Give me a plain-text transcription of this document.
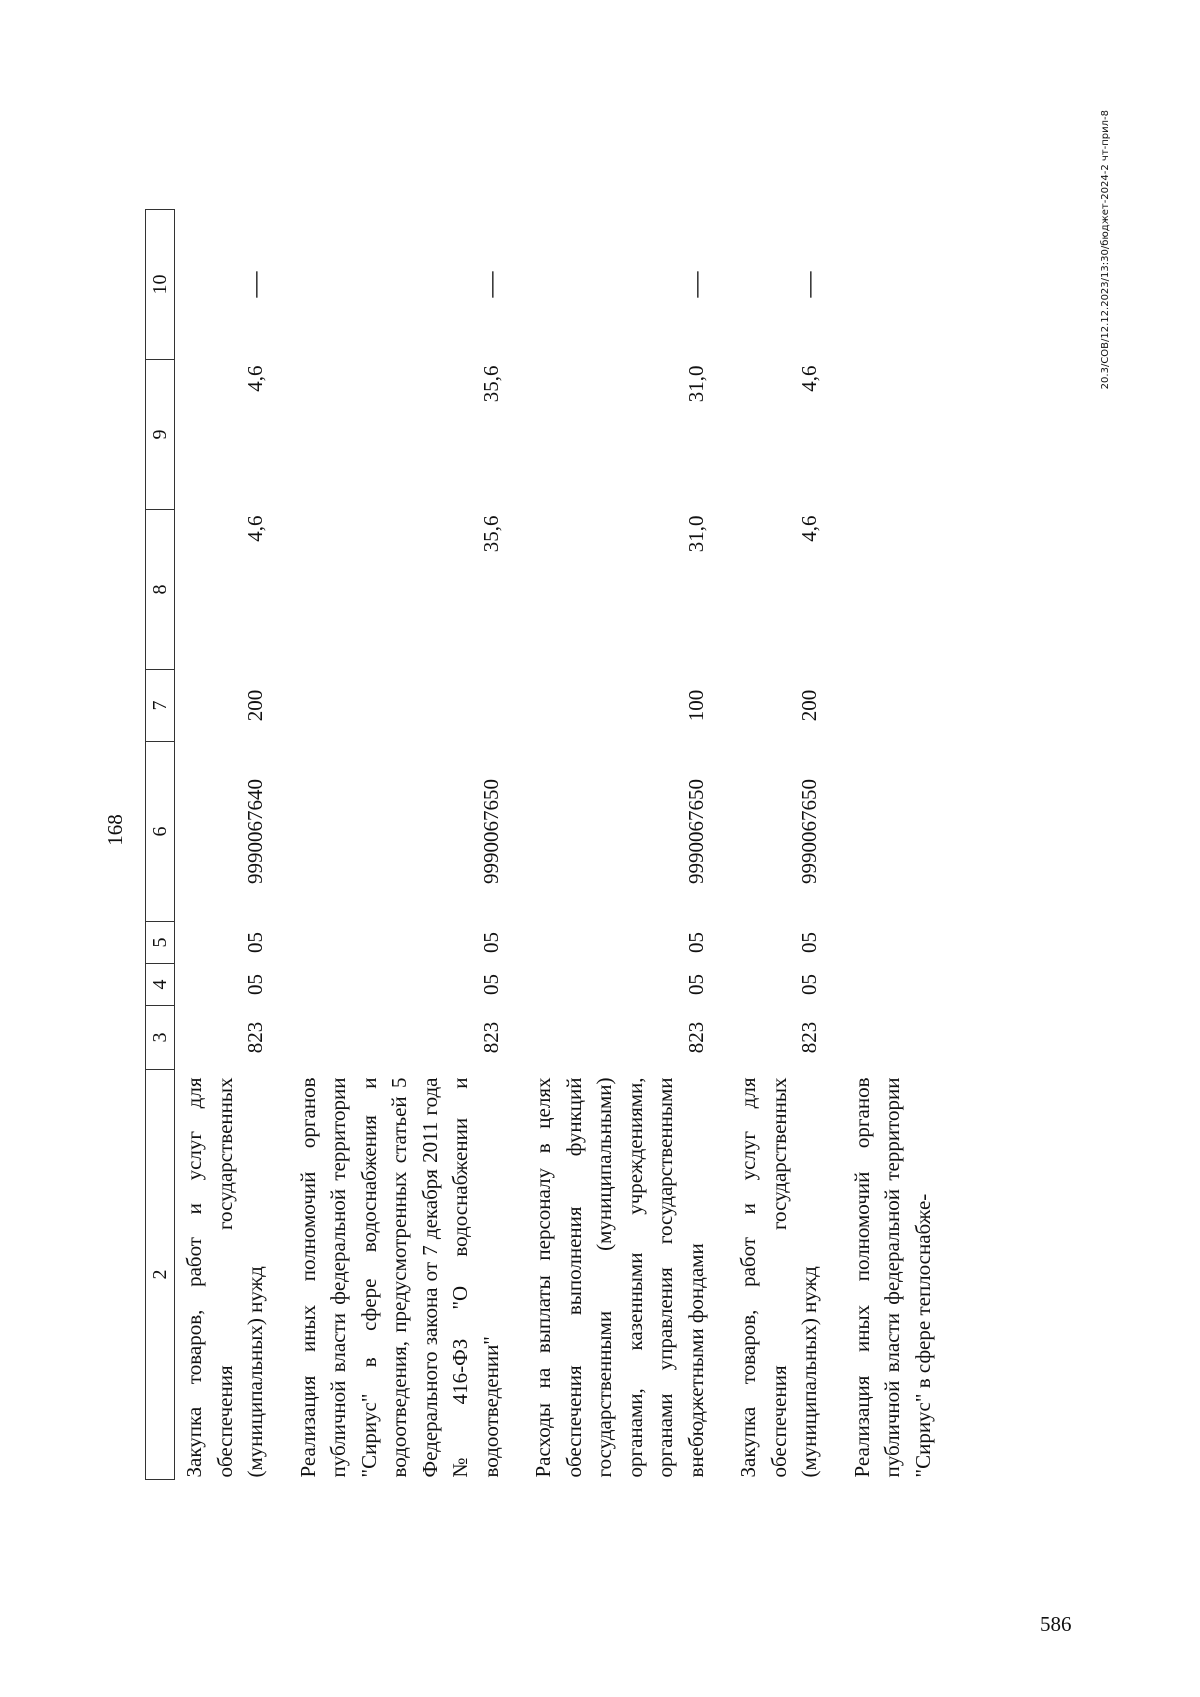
168
2	3	4	5	6	7	8	9	10
Закупка товаров, работ и услуг для обеспечения государственных (муниципальных) нужд	823	05	05	9990067640	200	4,6	4,6	—
Реализация иных полномочий органов публичной власти федеральной территории "Сириус" в сфере водоснабжения и водоотведения, предусмотренных статьей 5 Федерального закона от 7 декабря 2011 года № 416-ФЗ "О водоснабжении и водоотведении"	823	05	05	9990067650		35,6	35,6	—
Расходы на выплаты персоналу в целях обеспечения выполнения функций государственными (муниципальными) органами, казенными учреждениями, органами управления государственными внебюджетными фондами	823	05	05	9990067650	100	31,0	31,0	—
Закупка товаров, работ и услуг для обеспечения государственных (муниципальных) нужд	823	05	05	9990067650	200	4,6	4,6	—
Реализация иных полномочий органов публичной власти федеральной территории "Сириус" в сфере теплоснабже-								
20.3/СОВ/12.12.2023/13:30/бюджет-2024-2 чт-прил-8
586
